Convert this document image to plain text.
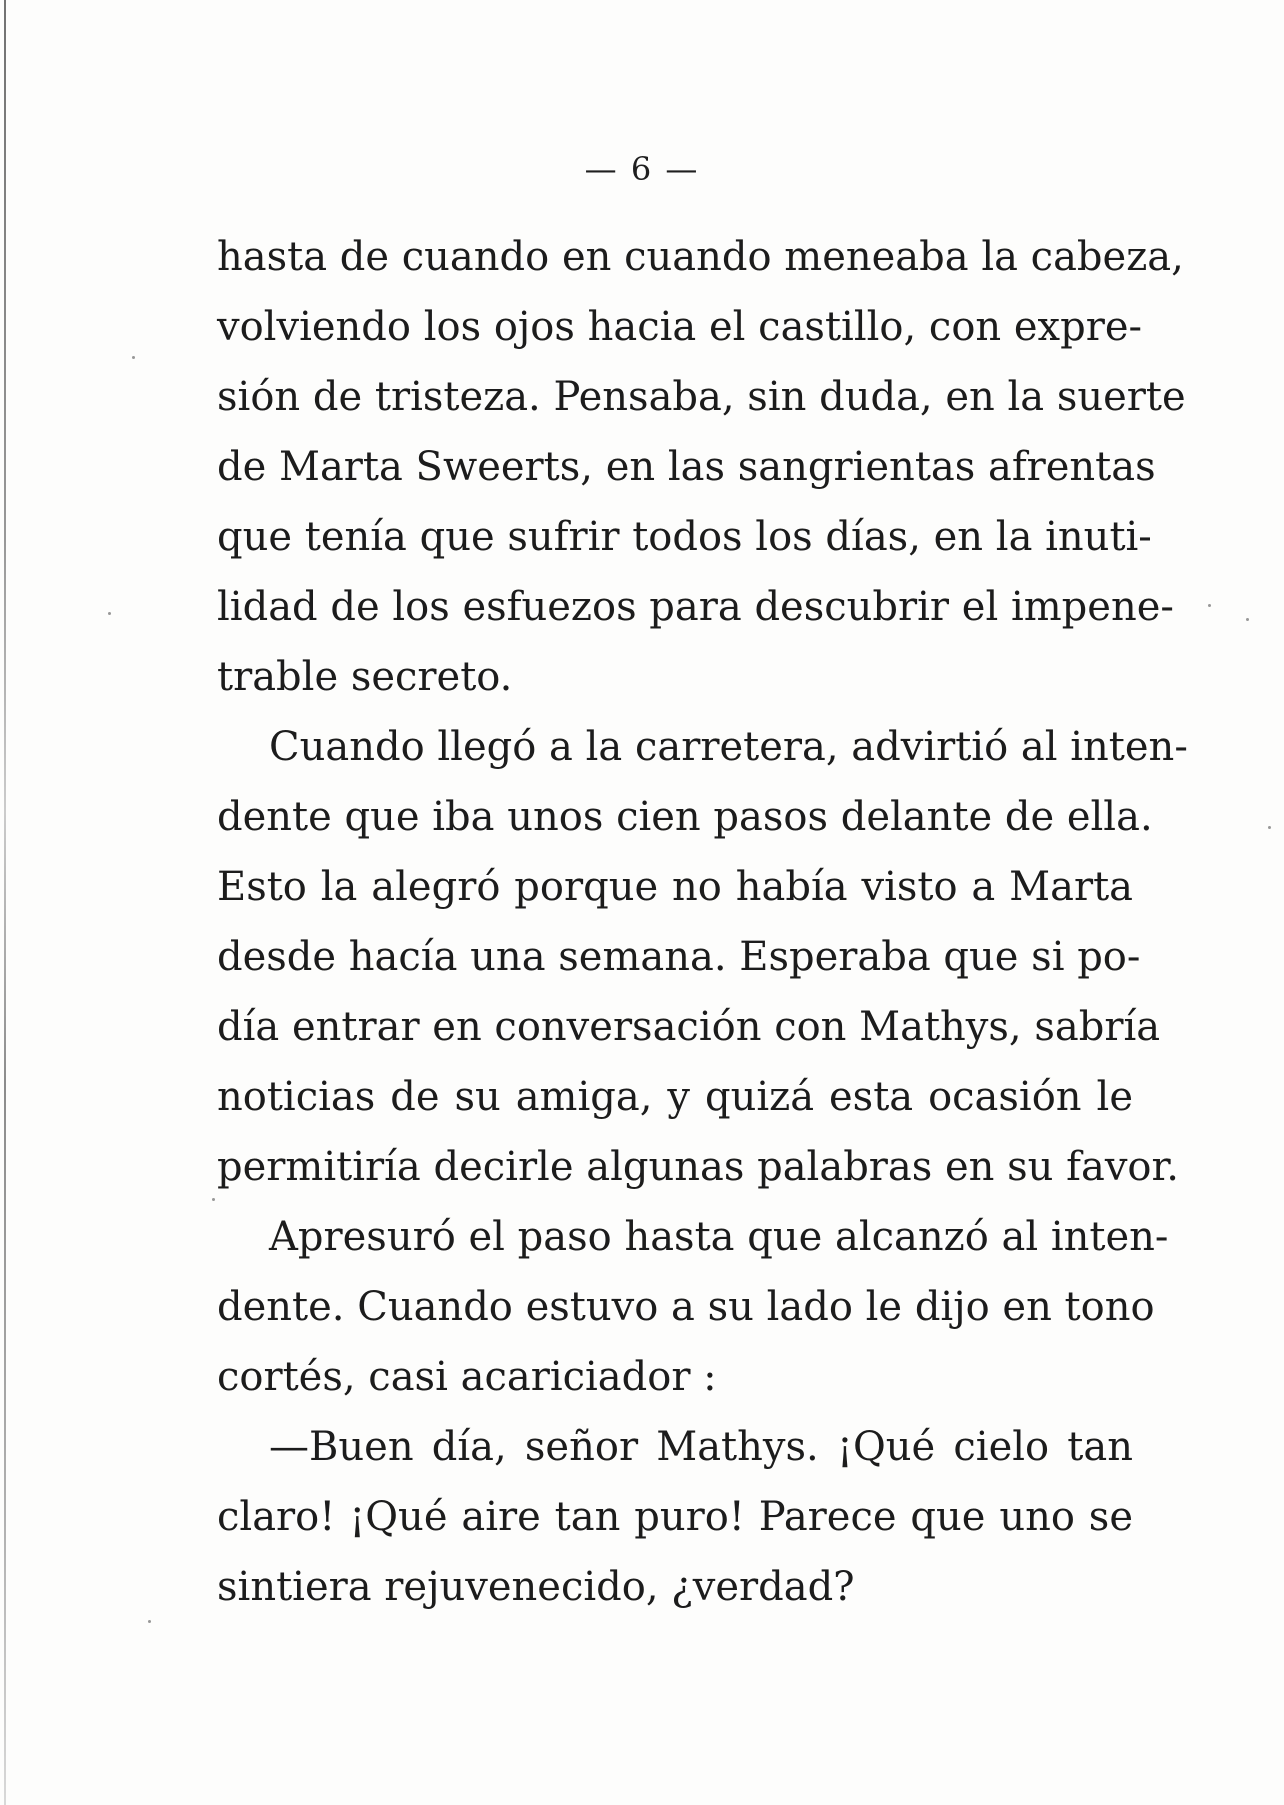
— 6 —
hasta de cuando en cuando meneaba la cabeza,
volviendo los ojos hacia el castillo, con expre-
sión de tristeza. Pensaba, sin duda, en la suerte
de Marta Sweerts, en las sangrientas afrentas
que tenía que sufrir todos los días, en la inuti-
lidad de los esfuezos para descubrir el impene-
trable secreto.
Cuando llegó a la carretera, advirtió al inten-
dente que iba unos cien pasos delante de ella.
Esto la alegró porque no había visto a Marta
desde hacía una semana. Esperaba que si po-
día entrar en conversación con Mathys, sabría
noticias de su amiga, y quizá esta ocasión le
permitiría decirle algunas palabras en su favor.
Apresuró el paso hasta que alcanzó al inten-
dente. Cuando estuvo a su lado le dijo en tono
cortés, casi acariciador :
—Buen día, señor Mathys. ¡Qué cielo tan
claro! ¡Qué aire tan puro! Parece que uno se
sintiera rejuvenecido, ¿verdad?
